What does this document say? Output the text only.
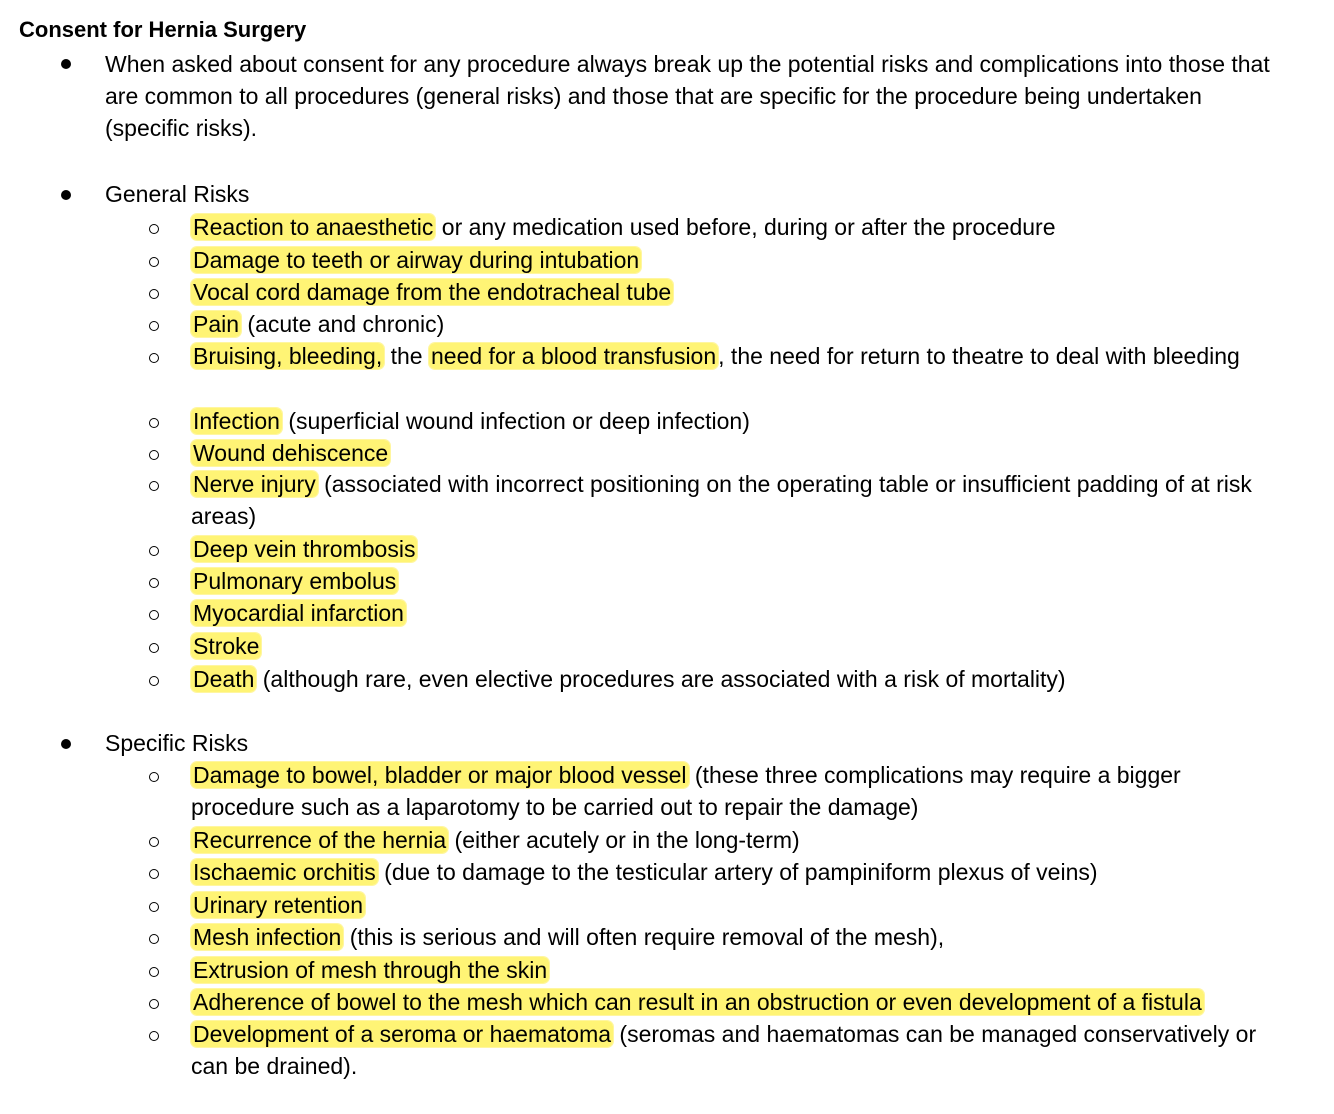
Consent for Hernia Surgery
When asked about consent for any procedure always break up the potential risks and complications into those that are common to all procedures (general risks) and those that are specific for the procedure being undertaken (specific risks).
General Risks
Reaction to anaesthetic or any medication used before, during or after the procedure
Damage to teeth or airway during intubation
Vocal cord damage from the endotracheal tube
Pain (acute and chronic)
Bruising, bleeding, the need for a blood transfusion, the need for return to theatre to deal with bleeding
Infection (superficial wound infection or deep infection)
Wound dehiscence
Nerve injury (associated with incorrect positioning on the operating table or insufficient padding of at risk areas)
Deep vein thrombosis
Pulmonary embolus
Myocardial infarction
Stroke
Death (although rare, even elective procedures are associated with a risk of mortality)
Specific Risks
Damage to bowel, bladder or major blood vessel (these three complications may require a bigger procedure such as a laparotomy to be carried out to repair the damage)
Recurrence of the hernia (either acutely or in the long-term)
Ischaemic orchitis (due to damage to the testicular artery of pampiniform plexus of veins)
Urinary retention
Mesh infection (this is serious and will often require removal of the mesh),
Extrusion of mesh through the skin
Adherence of bowel to the mesh which can result in an obstruction or even development of a fistula
Development of a seroma or haematoma (seromas and haematomas can be managed conservatively or can be drained).
